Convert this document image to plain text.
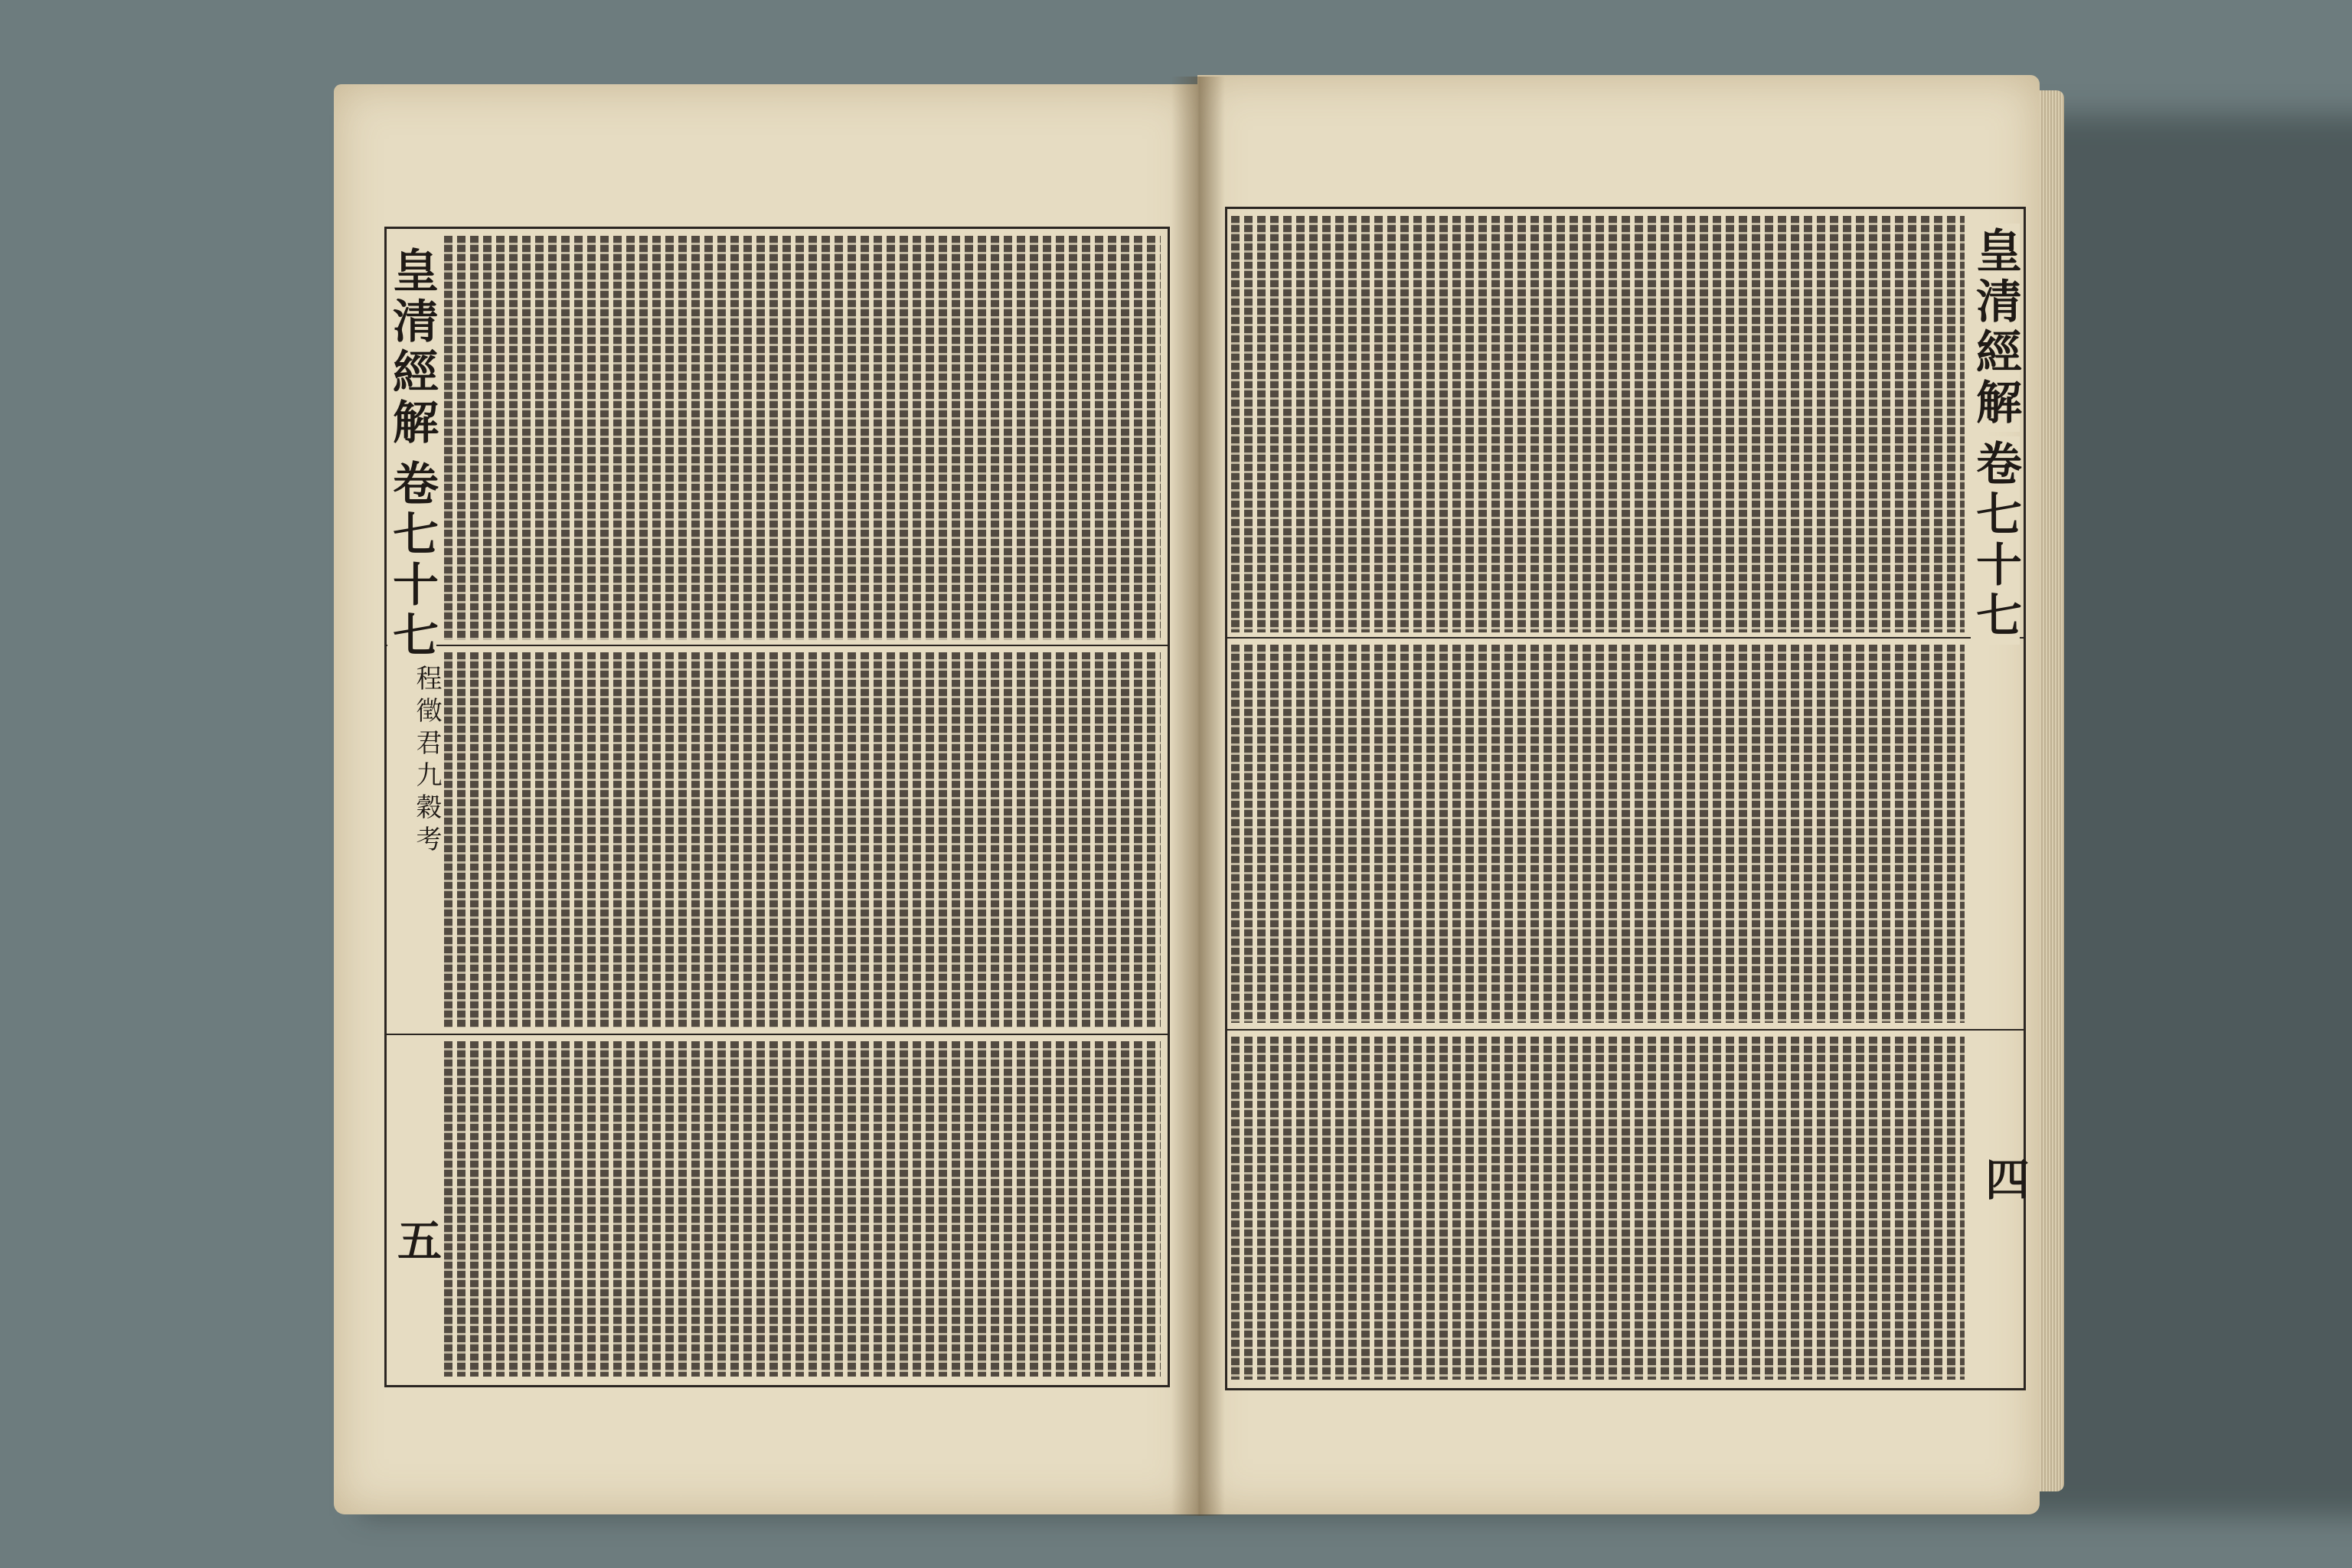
皇清經解
卷七十七
程徵君九穀考
五
皇清經解
卷七十七
四
